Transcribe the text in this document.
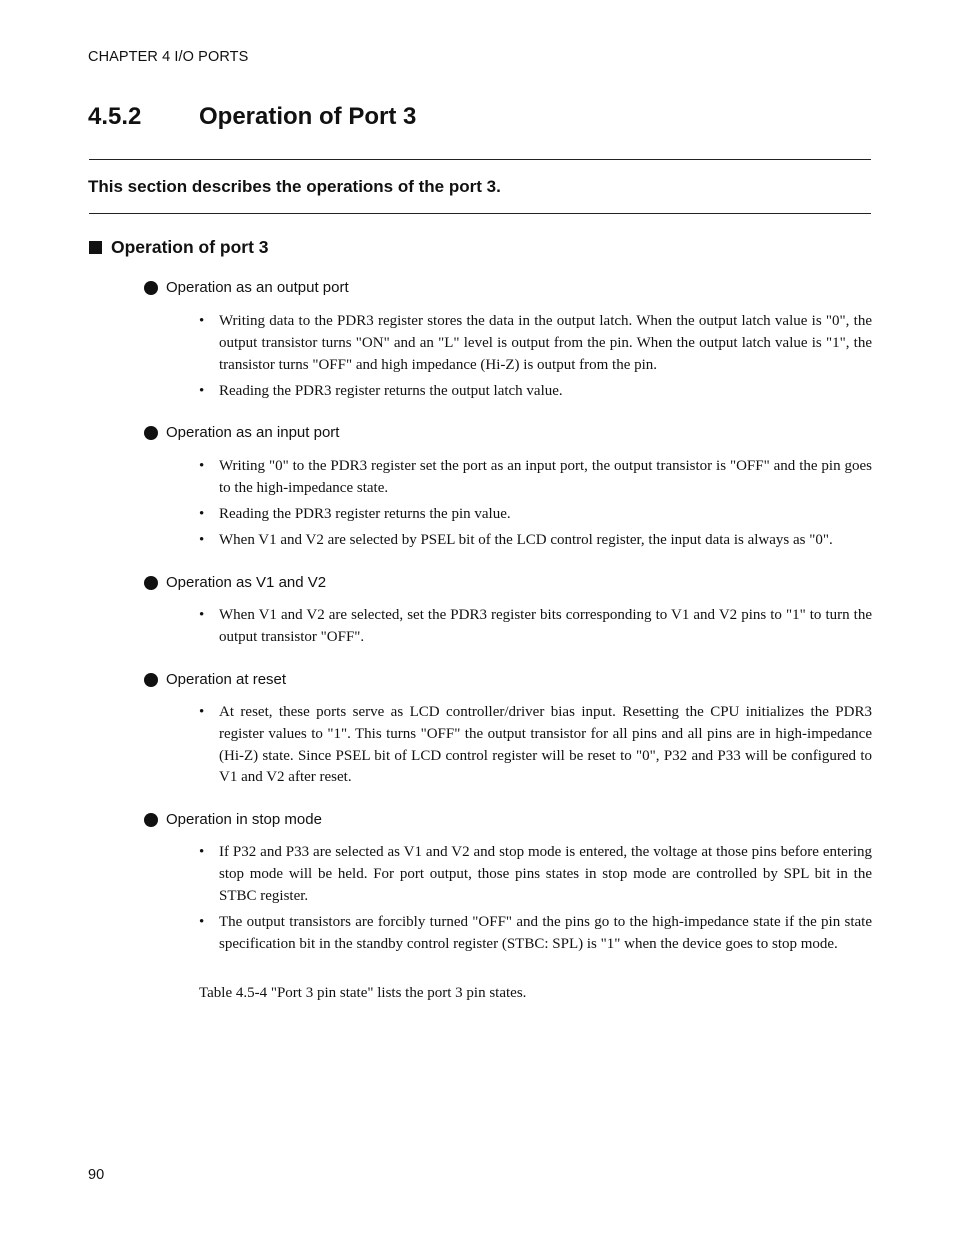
CHAPTER 4 I/O PORTS
4.5.2 Operation of Port 3
This section describes the operations of the port 3.
Operation of port 3
Operation as an output port
• Writing data to the PDR3 register stores the data in the output latch. When the output latch value is "0", the output transistor turns "ON" and an "L" level is output from the pin. When the output latch value is "1", the transistor turns "OFF" and high impedance (Hi-Z) is output from the pin.
• Reading the PDR3 register returns the output latch value.
Operation as an input port
• Writing "0" to the PDR3 register set the port as an input port, the output transistor is "OFF" and the pin goes to the high-impedance state.
• Reading the PDR3 register returns the pin value.
• When V1 and V2 are selected by PSEL bit of the LCD control register, the input data is always as "0".
Operation as V1 and V2
• When V1 and V2 are selected, set the PDR3 register bits corresponding to V1 and V2 pins to "1" to turn the output transistor "OFF".
Operation at reset
• At reset, these ports serve as LCD controller/driver bias input. Resetting the CPU initializes the PDR3 register values to "1". This turns "OFF" the output transistor for all pins and all pins are in high-impedance (Hi-Z) state. Since PSEL bit of LCD control register will be reset to "0", P32 and P33 will be configured to V1 and V2 after reset.
Operation in stop mode
• If P32 and P33 are selected as V1 and V2 and stop mode is entered, the voltage at those pins before entering stop mode will be held. For port output, those pins states in stop mode are controlled by SPL bit in the STBC register.
• The output transistors are forcibly turned "OFF" and the pins go to the high-impedance state if the pin state specification bit in the standby control register (STBC: SPL) is "1" when the device goes to stop mode.
Table 4.5-4 "Port 3 pin state" lists the port 3 pin states.
90
